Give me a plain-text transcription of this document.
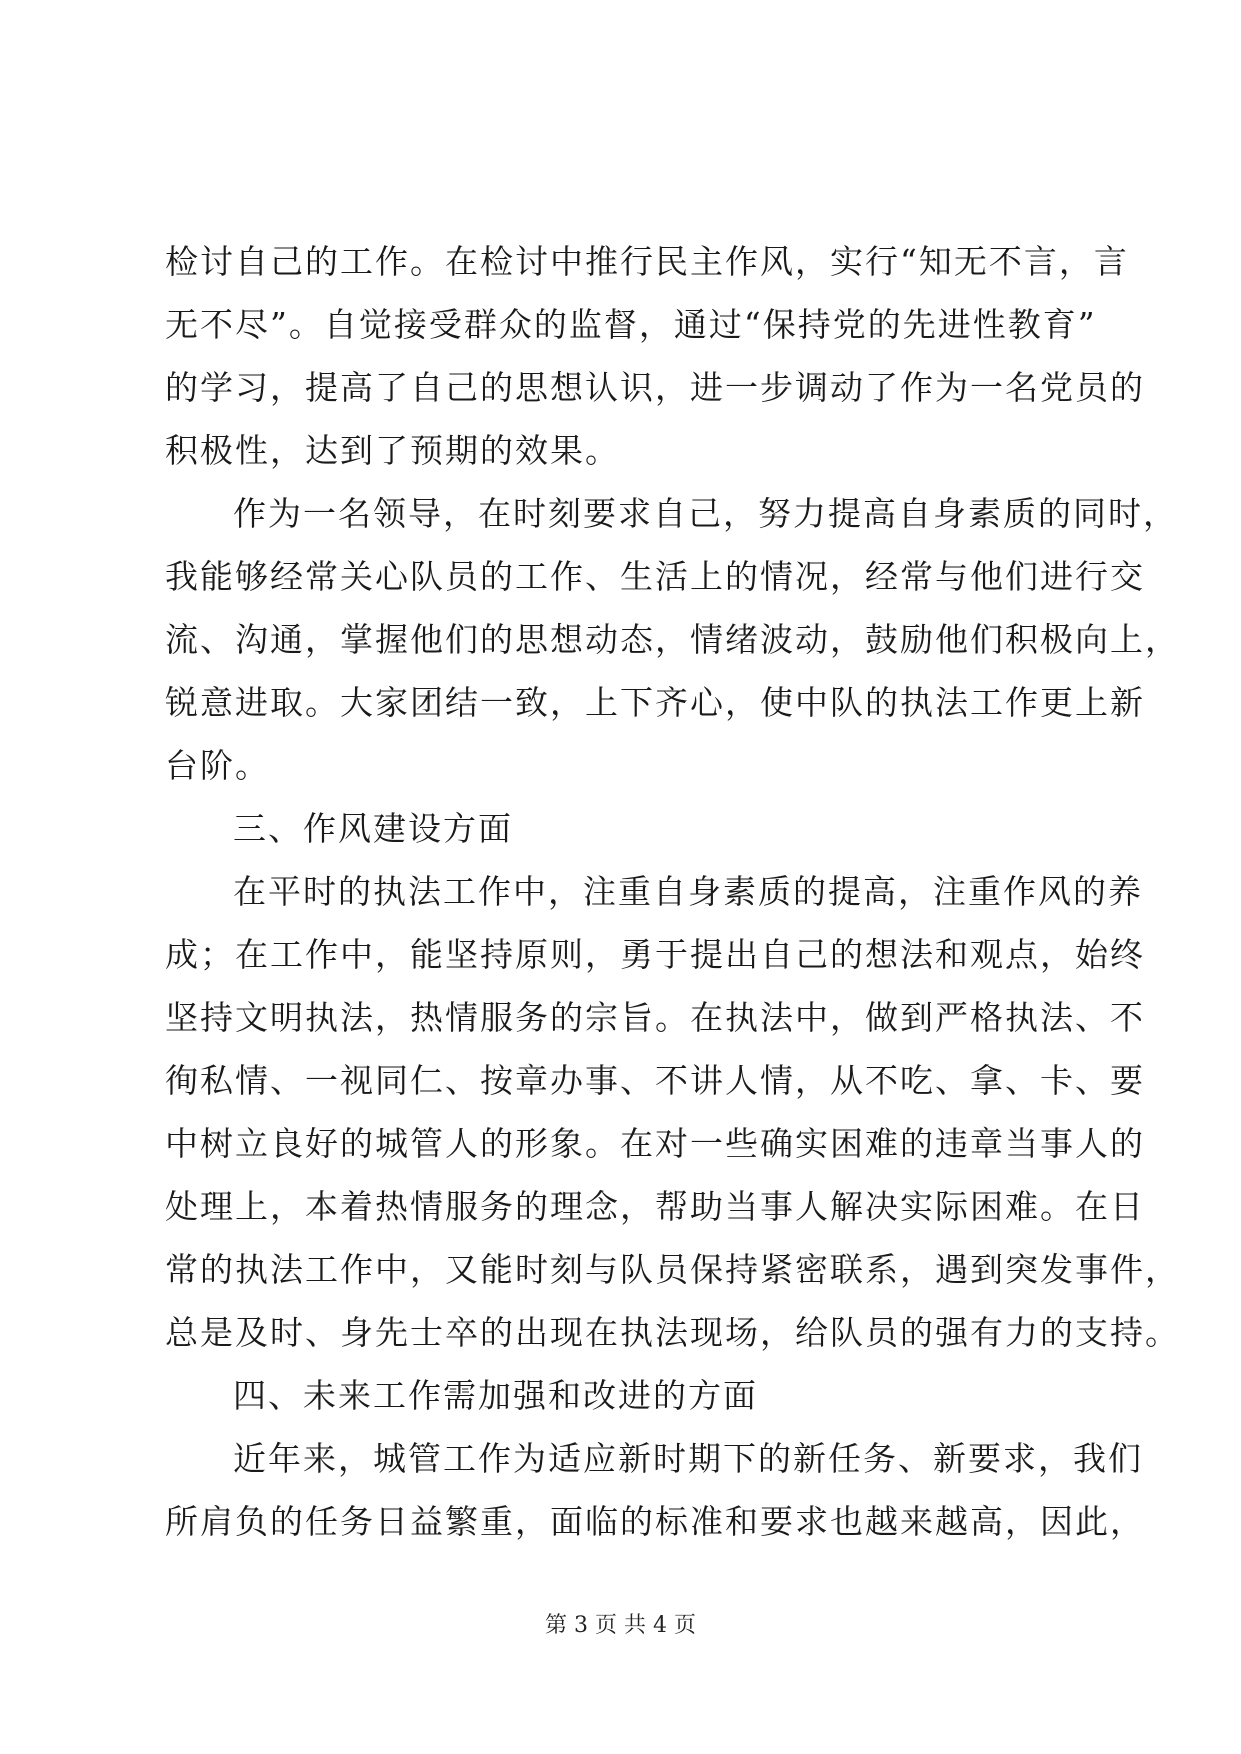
检讨自己的工作。在检讨中推行民主作风，实行“知无不言，言
无不尽”。自觉接受群众的监督，通过“保持党的先进性教育”
的学习，提高了自己的思想认识，进一步调动了作为一名党员的
积极性，达到了预期的效果。
作为一名领导，在时刻要求自己，努力提高自身素质的同时，
我能够经常关心队员的工作、生活上的情况，经常与他们进行交
流、沟通，掌握他们的思想动态，情绪波动，鼓励他们积极向上，
锐意进取。大家团结一致，上下齐心，使中队的执法工作更上新
台阶。
三、作风建设方面
在平时的执法工作中，注重自身素质的提高，注重作风的养
成；在工作中，能坚持原则，勇于提出自己的想法和观点，始终
坚持文明执法，热情服务的宗旨。在执法中，做到严格执法、不
徇私情、一视同仁、按章办事、不讲人情，从不吃、拿、卡、要
中树立良好的城管人的形象。在对一些确实困难的违章当事人的
处理上，本着热情服务的理念，帮助当事人解决实际困难。在日
常的执法工作中，又能时刻与队员保持紧密联系，遇到突发事件，
总是及时、身先士卒的出现在执法现场，给队员的强有力的支持。
四、未来工作需加强和改进的方面
近年来，城管工作为适应新时期下的新任务、新要求，我们
所肩负的任务日益繁重，面临的标准和要求也越来越高，因此，
第 3 页 共 4 页
